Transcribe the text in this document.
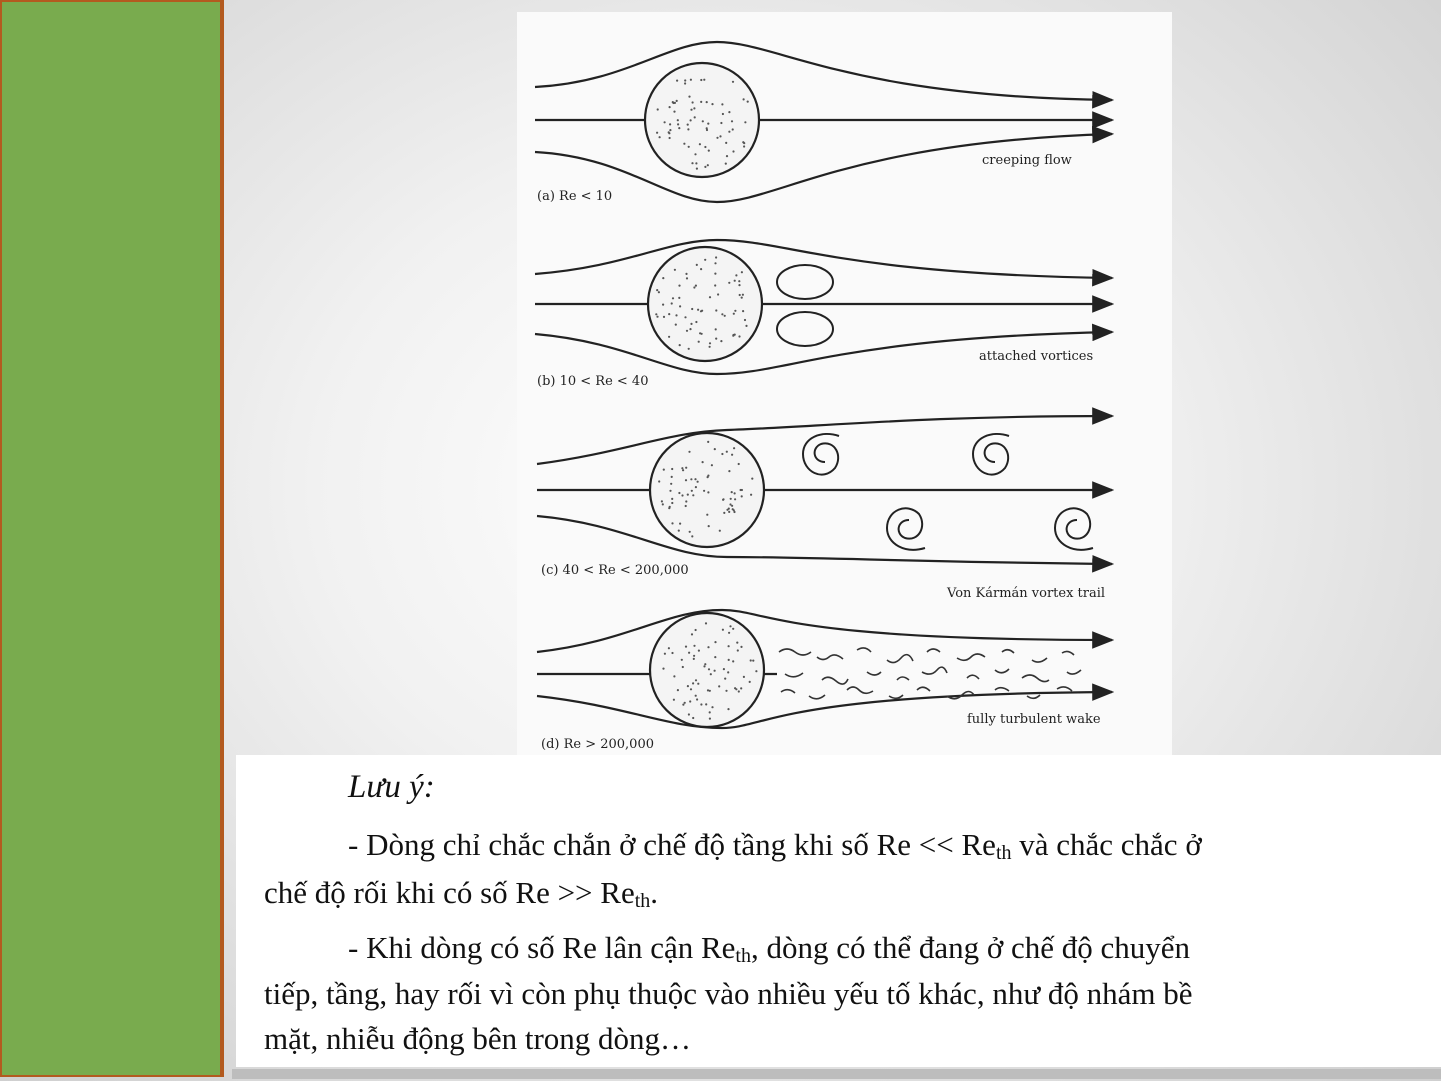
(a) Re < 10
creeping flow
(b) 10 < Re < 40
attached vortices
(c) 40 < Re < 200,000
Von Kármán vortex trail
(d) Re > 200,000
fully turbulent wake
Lưu ý:
- Dòng chỉ chắc chắn ở chế độ tầng khi số $Re << Re_{th}$ và chắc chắc ở
chế độ rối khi có số $Re >> Re_{th}$.
- Khi dòng có số Re lân cận $Re_{th}$, dòng có thể đang ở chế độ chuyển
tiếp, tầng, hay rối vì còn phụ thuộc vào nhiều yếu tố khác, như độ nhám bề
mặt, nhiễu động bên trong dòng…
